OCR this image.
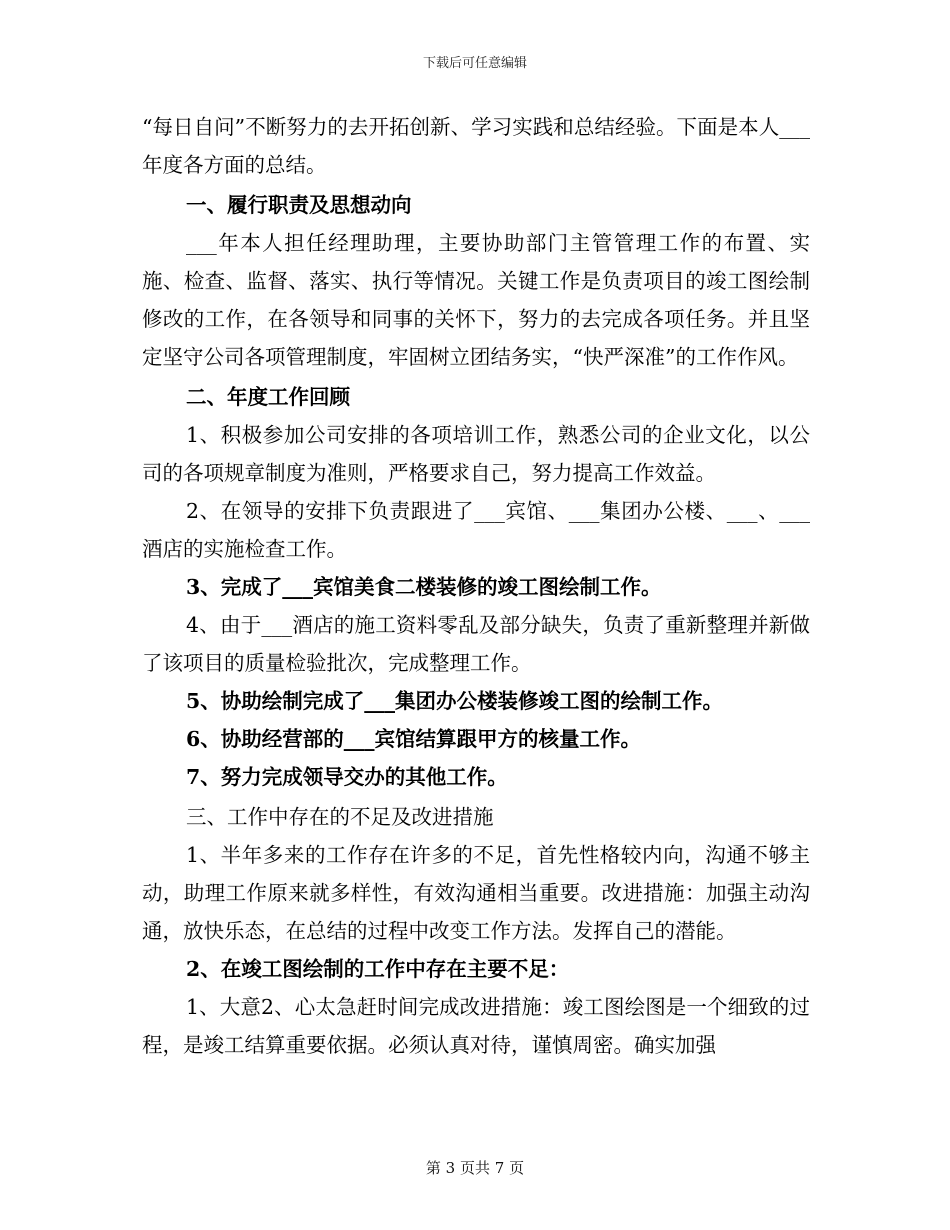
下载后可任意编辑

“每日自问”不断努力的去开拓创新、学习实践和总结经验。下面是本人___年度各方面的总结。

一、履行职责及思想动向

___年本人担任经理助理，主要协助部门主管管理工作的布置、实施、检查、监督、落实、执行等情况。关键工作是负责项目的竣工图绘制修改的工作，在各领导和同事的关怀下，努力的去完成各项任务。并且坚定坚守公司各项管理制度，牢固树立团结务实，“快严深准”的工作作风。

二、年度工作回顾

1、积极参加公司安排的各项培训工作，熟悉公司的企业文化，以公司的各项规章制度为准则，严格要求自己，努力提高工作效益。

2、在领导的安排下负责跟进了___宾馆、___集团办公楼、___、___酒店的实施检查工作。

3、完成了___宾馆美食二楼装修的竣工图绘制工作。

4、由于___酒店的施工资料零乱及部分缺失，负责了重新整理并新做了该项目的质量检验批次，完成整理工作。

5、协助绘制完成了___集团办公楼装修竣工图的绘制工作。

6、协助经营部的___宾馆结算跟甲方的核量工作。

7、努力完成领导交办的其他工作。

三、工作中存在的不足及改进措施

1、半年多来的工作存在许多的不足，首先性格较内向，沟通不够主动，助理工作原来就多样性，有效沟通相当重要。改进措施：加强主动沟通，放快乐态，在总结的过程中改变工作方法。发挥自己的潜能。

2、在竣工图绘制的工作中存在主要不足：

1、大意2、心太急赶时间完成改进措施：竣工图绘图是一个细致的过程，是竣工结算重要依据。必须认真对待，谨慎周密。确实加强

第 3 页共 7 页
